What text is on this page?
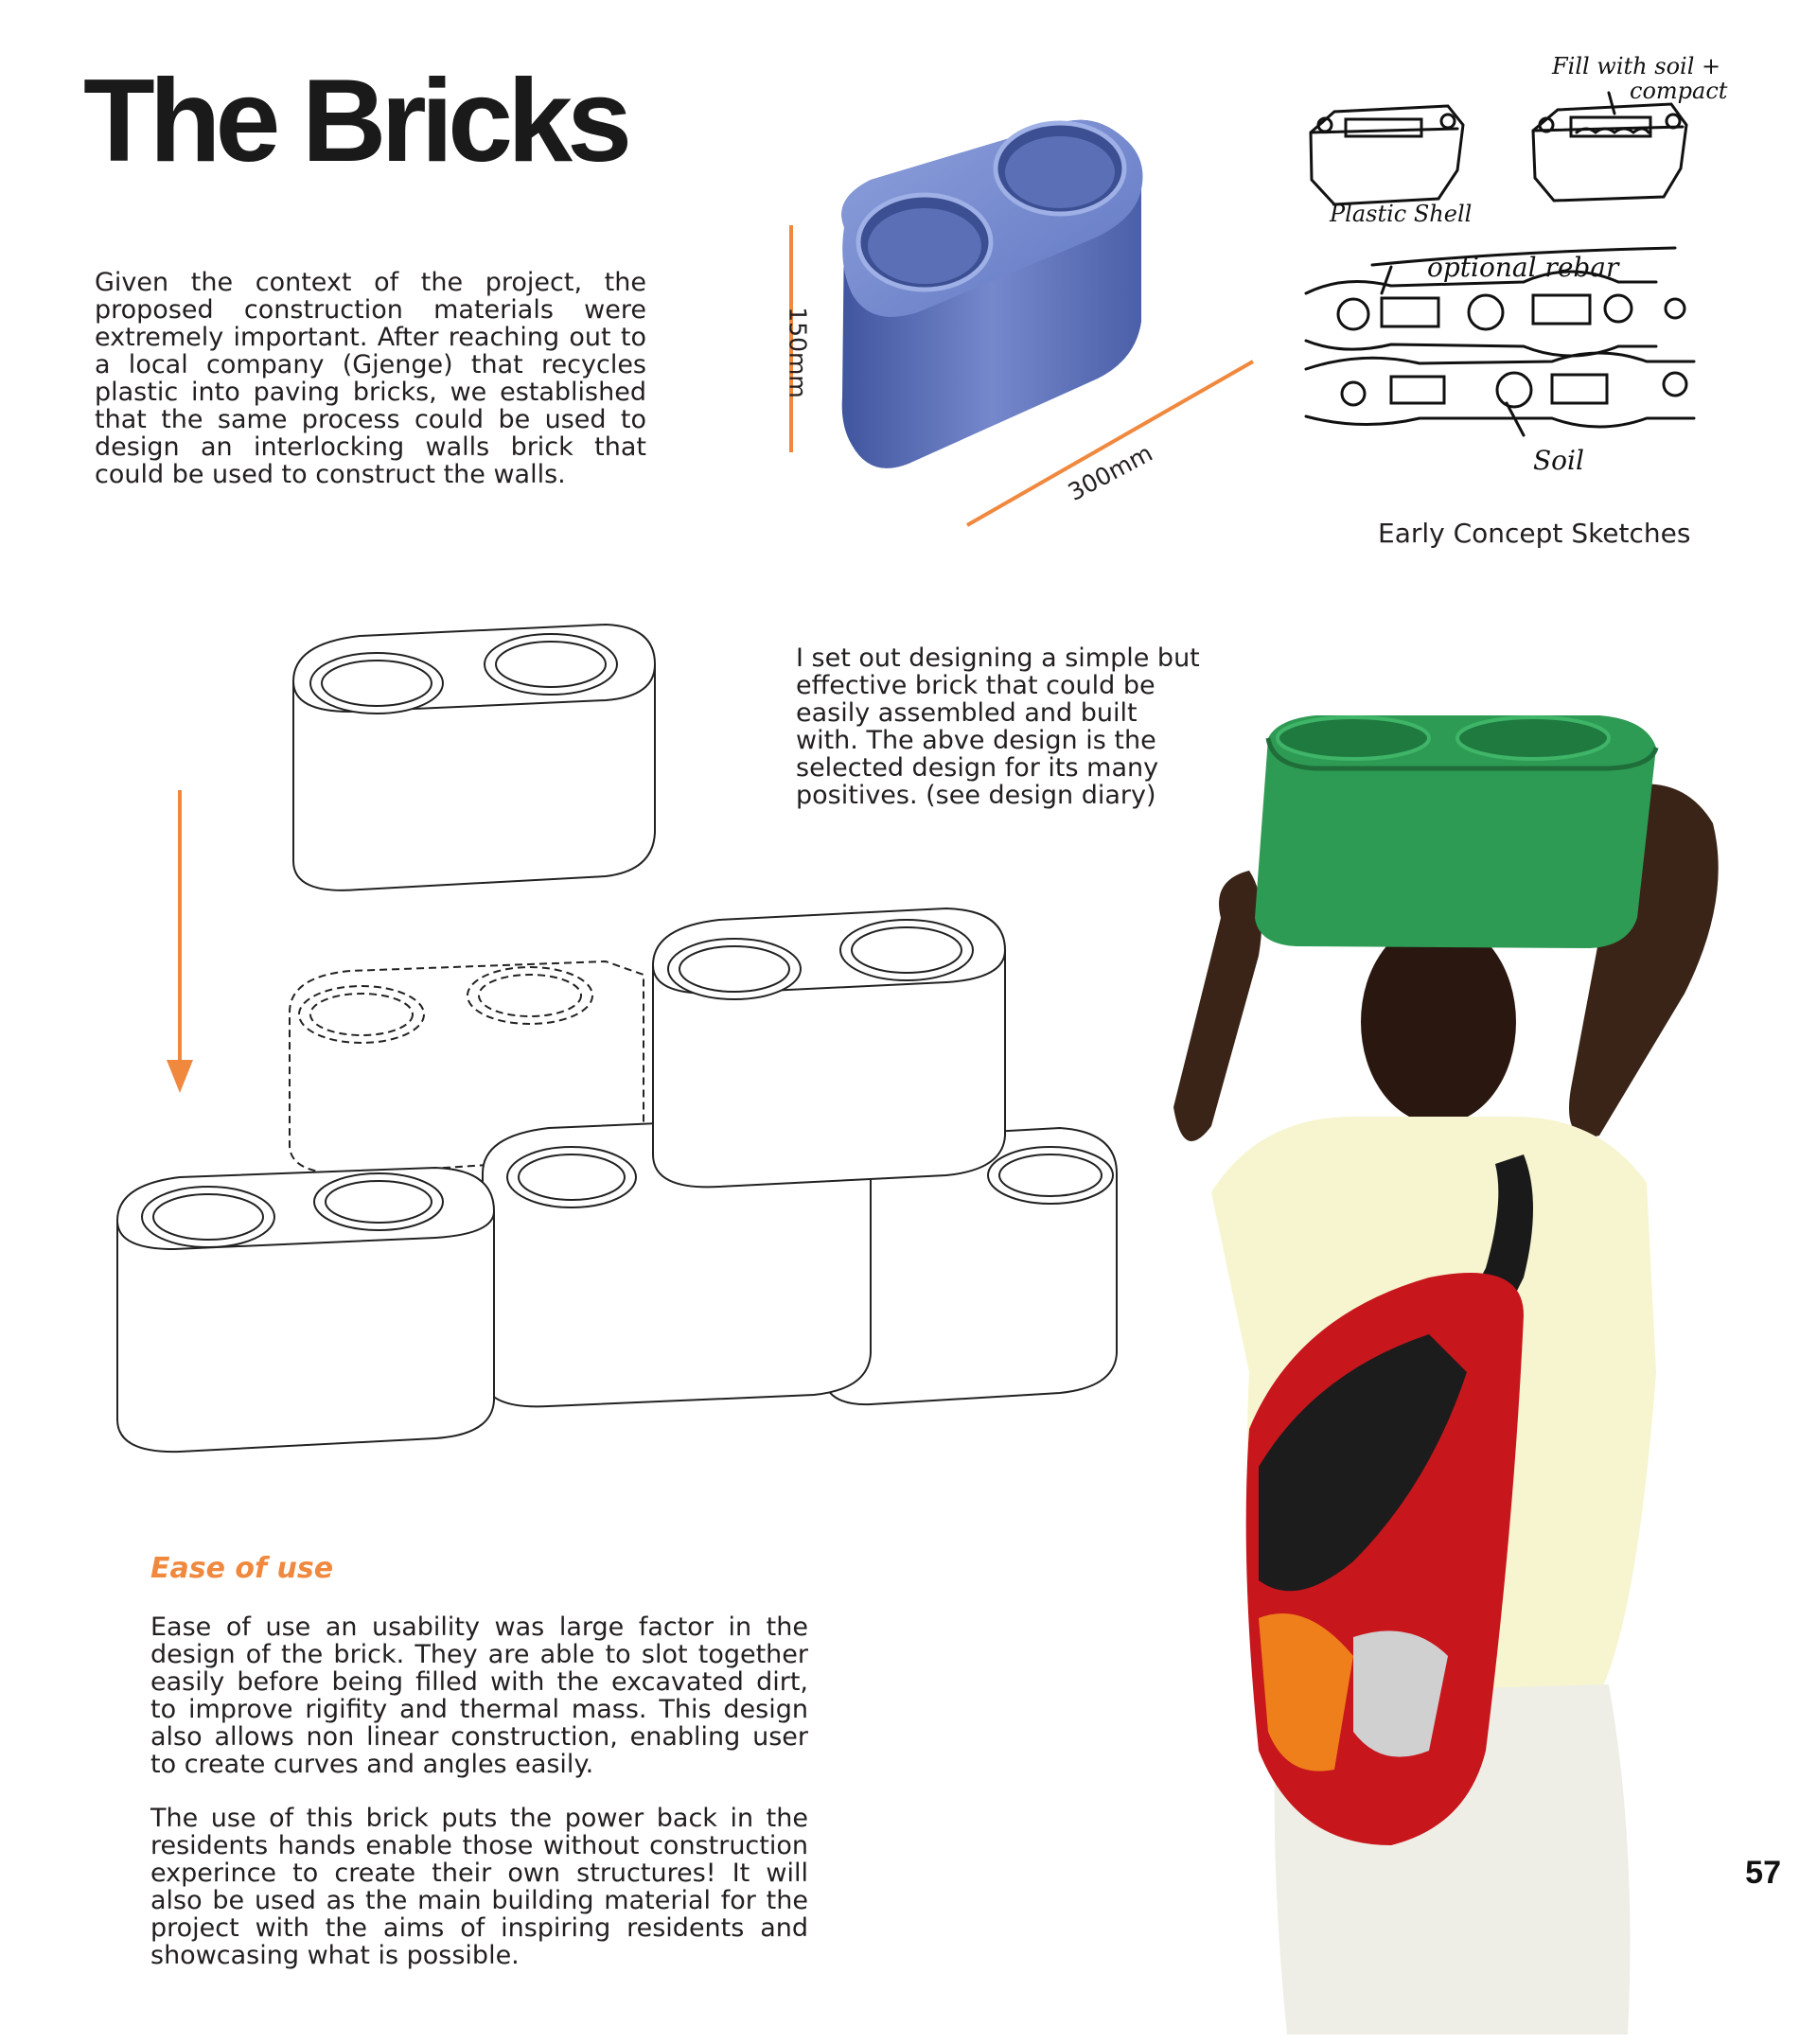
The Bricks

Given the context of the project, the proposed construction materials were extremely important. After reaching out to a local company (Gjenge) that recycles plastic into paving bricks, we established that the same process could be used to design an interlocking walls brick that could be used to construct the walls.

150mm
300mm
Fill with soil +
compact
Plastic Shell
optional rebar
Soil

Early Concept Sketches

I set out designing a simple but effective brick that could be easily assembled and built with. The abve design is the selected design for its many positives. (see design diary)

Ease of use

Ease of use an usability was large factor in the design of the brick. They are able to slot together easily before being filled with the excavated dirt, to improve rigifity and thermal mass. This design also allows non linear construction, enabling user to create curves and angles easily.

The use of this brick puts the power back in the residents hands enable those without construction experince to create their own structures! It will also be used as the main building material for the project with the aims of inspiring residents and showcasing what is possible.

57
